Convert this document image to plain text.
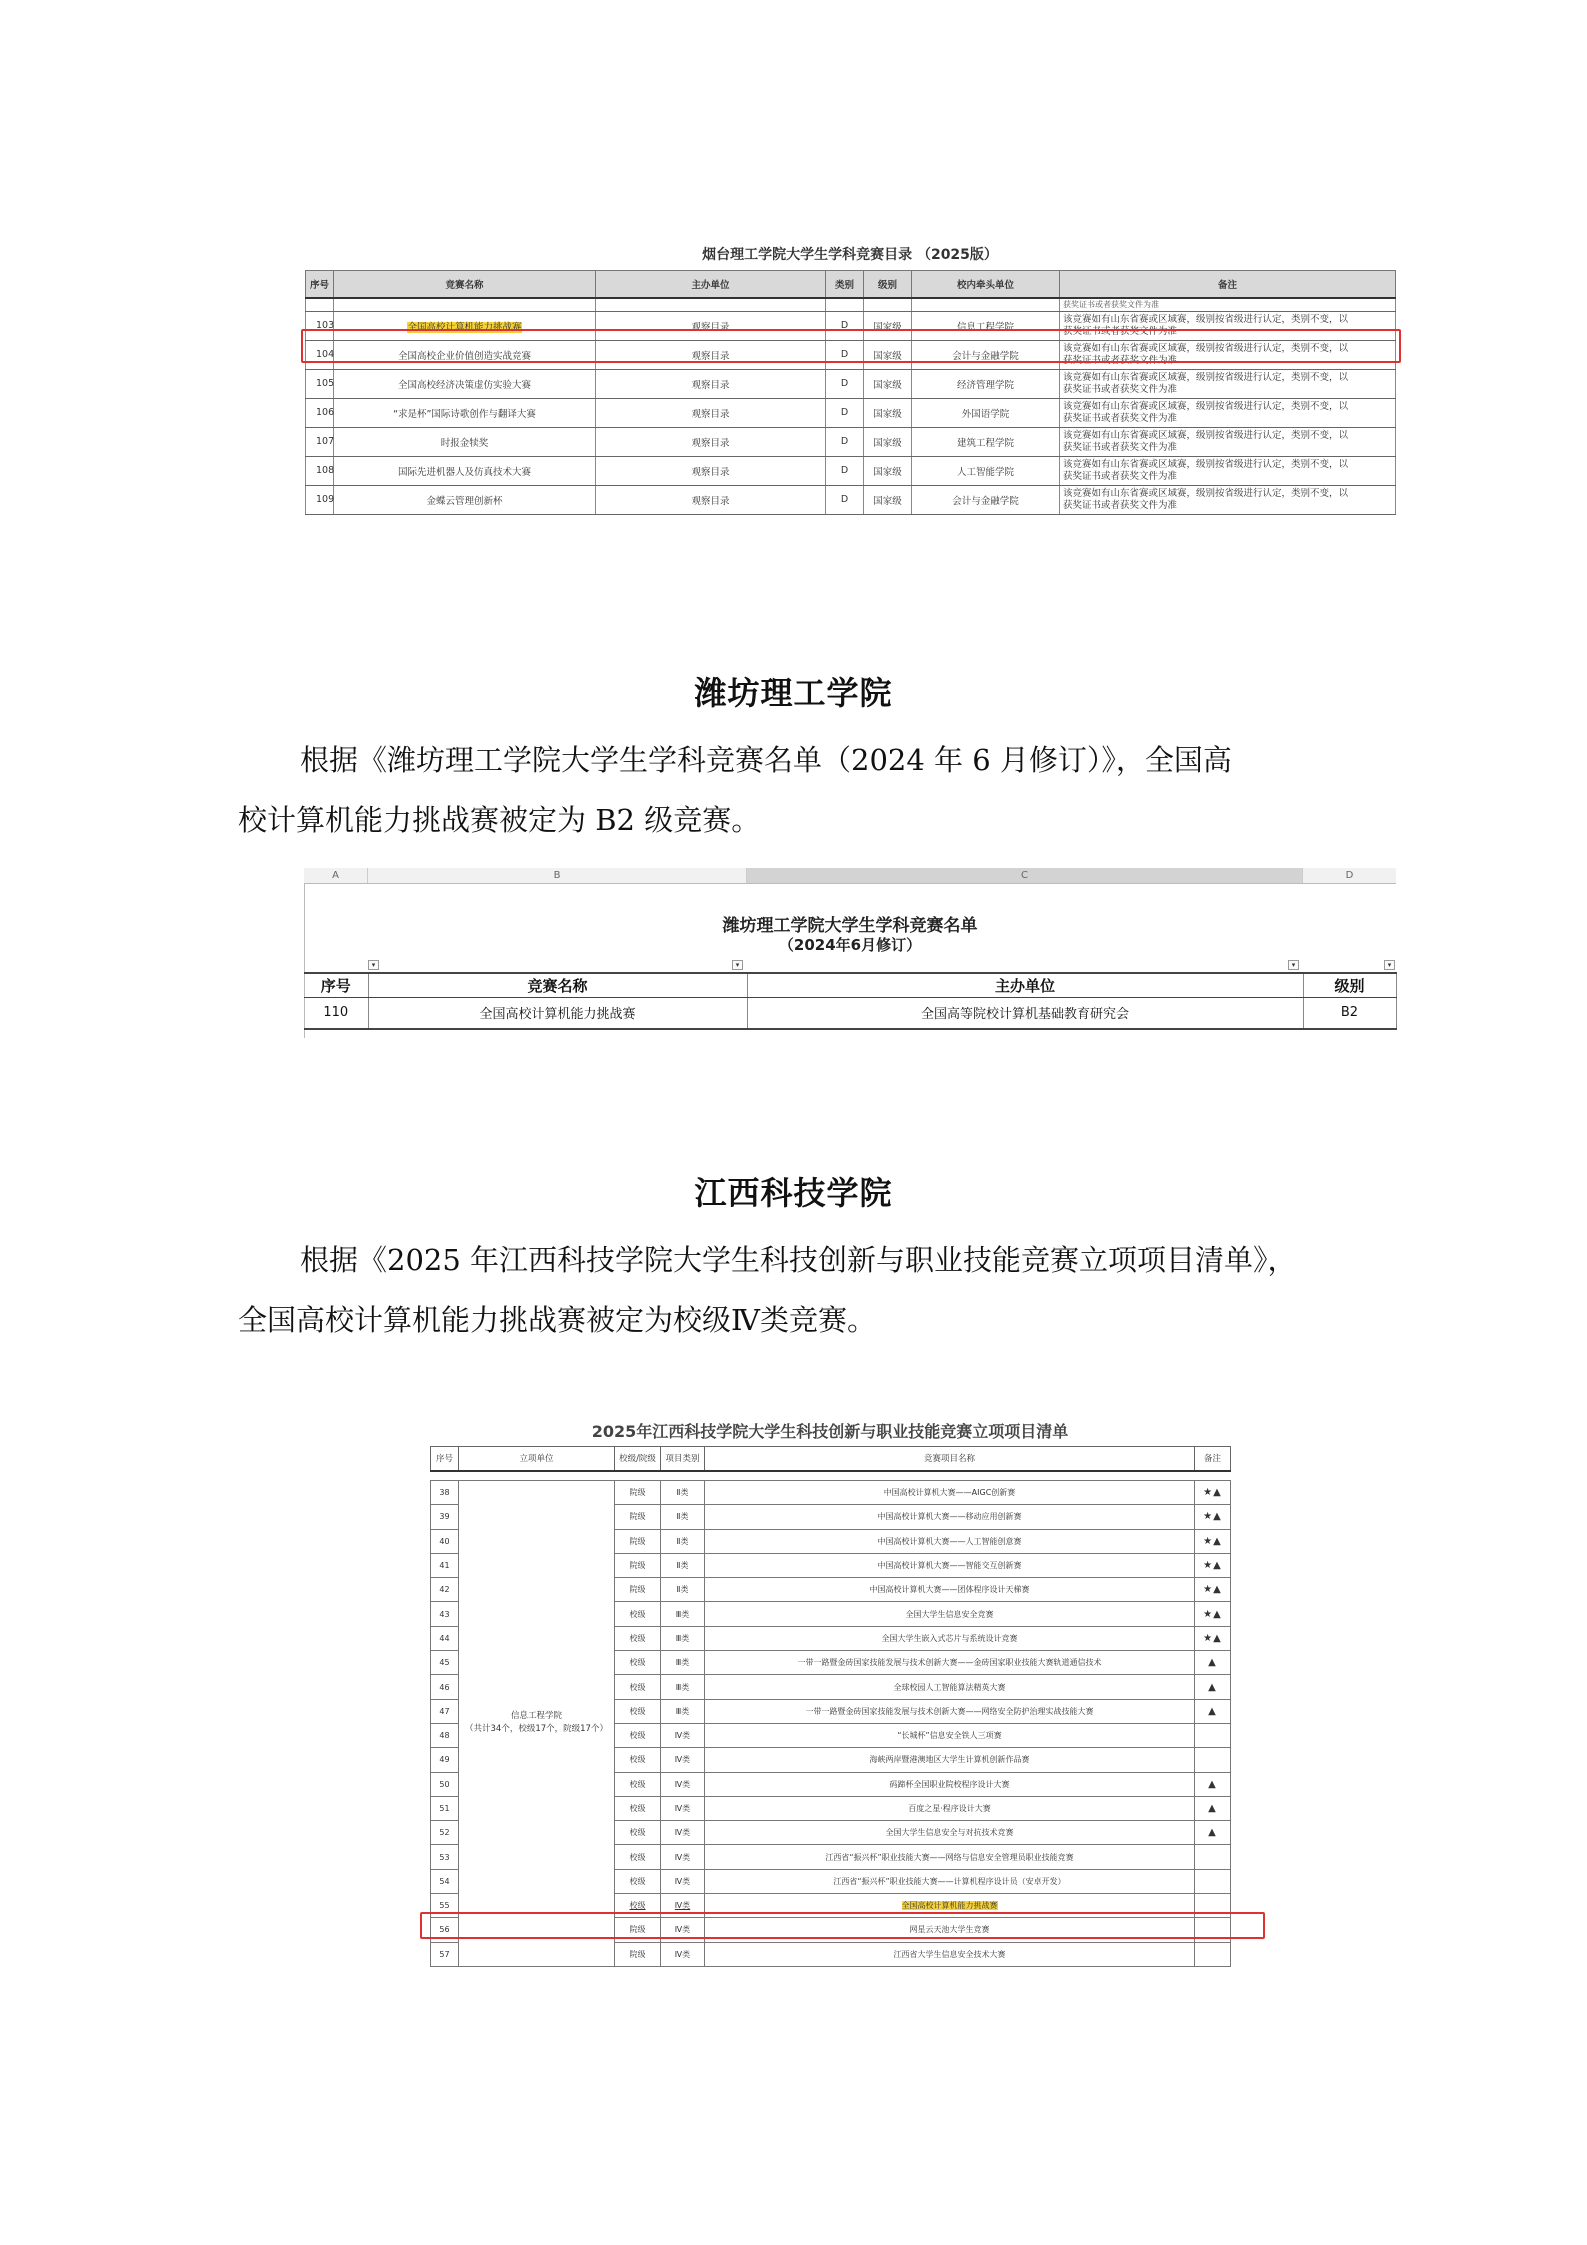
烟台理工学院大学生学科竞赛目录 （2025版）
序号	竞赛名称	主办单位	类别	级别	校内牵头单位	备注
						获奖证书或者获奖文件为准
103	全国高校计算机能力挑战赛	观察目录	D	国家级	信息工程学院	该竞赛如有山东省赛或区域赛，级别按省级进行认定，类别不变，以
获奖证书或者获奖文件为准

104	全国高校企业价值创造实战竞赛	观察目录	D	国家级	会计与金融学院	该竞赛如有山东省赛或区域赛，级别按省级进行认定，类别不变，以
获奖证书或者获奖文件为准

105	全国高校经济决策虚仿实验大赛	观察目录	D	国家级	经济管理学院	该竞赛如有山东省赛或区域赛，级别按省级进行认定，类别不变，以
获奖证书或者获奖文件为准

106	“求是杯”国际诗歌创作与翻译大赛	观察目录	D	国家级	外国语学院	该竞赛如有山东省赛或区域赛，级别按省级进行认定，类别不变，以
获奖证书或者获奖文件为准

107	时报金犊奖	观察目录	D	国家级	建筑工程学院	该竞赛如有山东省赛或区域赛，级别按省级进行认定，类别不变，以
获奖证书或者获奖文件为准

108	国际先进机器人及仿真技术大赛	观察目录	D	国家级	人工智能学院	该竞赛如有山东省赛或区域赛，级别按省级进行认定，类别不变，以
获奖证书或者获奖文件为准

109	金蝶云管理创新杯	观察目录	D	国家级	会计与金融学院	该竞赛如有山东省赛或区域赛，级别按省级进行认定，类别不变，以
获奖证书或者获奖文件为准
潍坊理工学院
根据《潍坊理工学院大学生学科竞赛名单（2024 年 6 月修订）》，全国高
校计算机能力挑战赛被定为 B2 级竞赛。
A	B	C	D
潍坊理工学院大学生学科竞赛名单
（2024年6月修订）
▾	▾	▾	▾
序号	竞赛名称	主办单位	级别
110	全国高校计算机能力挑战赛	全国高等院校计算机基础教育研究会	B2
江西科技学院
根据《2025 年江西科技学院大学生科技创新与职业技能竞赛立项项目清单》，
全国高校计算机能力挑战赛被定为校级Ⅳ类竞赛。
2025年江西科技学院大学生科技创新与职业技能竞赛立项项目清单
序号	立项单位	校级/院级	项目类别	竞赛项目名称	备注

38	信息工程学院
（共计34个，校级17个，院级17个）	院级	Ⅱ类	中国高校计算机大赛——AIGC创新赛	★▲
39		院级	Ⅱ类	中国高校计算机大赛——移动应用创新赛	★▲
40		院级	Ⅱ类	中国高校计算机大赛——人工智能创意赛	★▲
41		院级	Ⅱ类	中国高校计算机大赛——智能交互创新赛	★▲
42		院级	Ⅱ类	中国高校计算机大赛——团体程序设计天梯赛	★▲
43		校级	Ⅲ类	全国大学生信息安全竞赛	★▲
44		校级	Ⅲ类	全国大学生嵌入式芯片与系统设计竞赛	★▲
45		校级	Ⅲ类	一带一路暨金砖国家技能发展与技术创新大赛——金砖国家职业技能大赛轨道通信技术	▲
46		校级	Ⅲ类	全球校园人工智能算法精英大赛	▲
47		校级	Ⅲ类	一带一路暨金砖国家技能发展与技术创新大赛——网络安全防护治理实战技能大赛	▲
48		校级	Ⅳ类	“长城杯”信息安全铁人三项赛	
49		校级	Ⅳ类	海峡两岸暨港澳地区大学生计算机创新作品赛	
50		校级	Ⅳ类	码蹄杯全国职业院校程序设计大赛	▲
51		校级	Ⅳ类	百度之星·程序设计大赛	▲
52		校级	Ⅳ类	全国大学生信息安全与对抗技术竞赛	▲
53		校级	Ⅳ类	江西省“振兴杯”职业技能大赛——网络与信息安全管理员职业技能竞赛	
54		校级	Ⅳ类	江西省“振兴杯”职业技能大赛——计算机程序设计员（安卓开发）	
55		校级	Ⅳ类	全国高校计算机能力挑战赛	
56		院级	Ⅳ类	网星云天池大学生竞赛	
57		院级	Ⅳ类	江西省大学生信息安全技术大赛	
